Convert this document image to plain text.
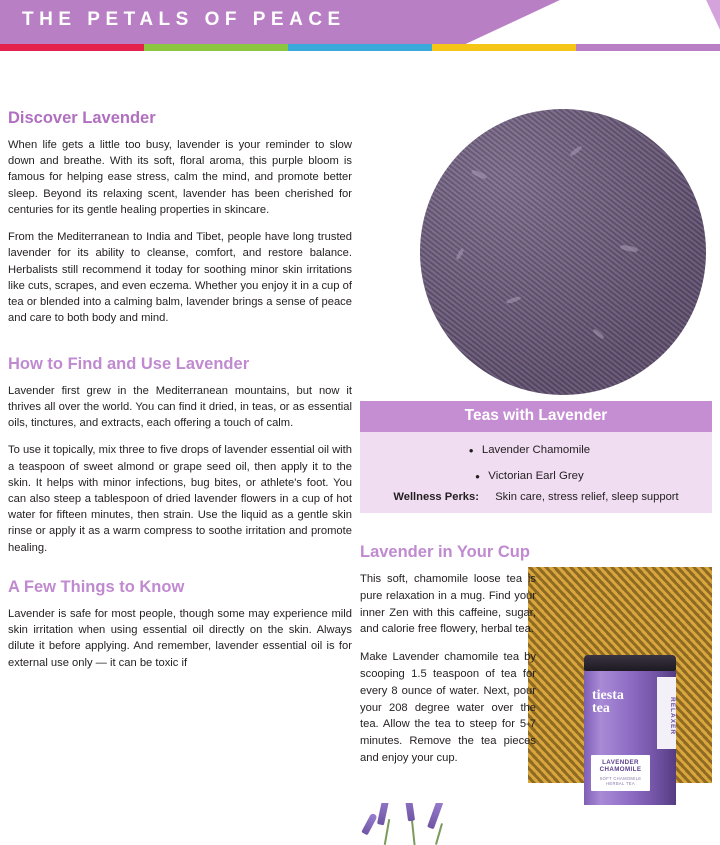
THE PETALS OF PEACE
Discover Lavender

When life gets a little too busy, lavender is your reminder to slow down and breathe. With its soft, floral aroma, this purple bloom is famous for helping ease stress, calm the mind, and promote better sleep. Beyond its relaxing scent, lavender has been cherished for centuries for its gentle healing properties in skincare.

From the Mediterranean to India and Tibet, people have long trusted lavender for its ability to cleanse, comfort, and restore balance. Herbalists still recommend it today for soothing minor skin irritations like cuts, scrapes, and even eczema. Whether you enjoy it in a cup of tea or blended into a calming balm, lavender brings a sense of peace and care to both body and mind.

How to Find and Use Lavender

Lavender first grew in the Mediterranean mountains, but now it thrives all over the world. You can find it dried, in teas, or as essential oils, tinctures, and extracts, each offering a touch of calm.

To use it topically, mix three to five drops of lavender essential oil with a teaspoon of sweet almond or grape seed oil, then apply it to the skin. It helps with minor infections, bug bites, or athlete's foot. You can also steep a tablespoon of dried lavender flowers in a cup of hot water for fifteen minutes, then strain. Use the liquid as a gentle skin rinse or apply it as a warm compress to soothe irritation and promote healing.

A Few Things to Know

Lavender is safe for most people, though some may experience mild skin irritation when using essential oil directly on the skin. Always dilute it before applying. And remember, lavender essential oil is for external use only — it can be toxic if

Teas with Lavender
• Lavender Chamomile
• Victorian Earl Grey
Wellness Perks: Skin care, stress relief, sleep support
Lavender in Your Cup

This soft, chamomile loose tea is pure relaxation in a mug. Find your inner Zen with this caffeine, sugar, and calorie free flowery, herbal tea.

Make Lavender chamomile tea by scooping 1.5 teaspoon of tea for every 8 ounce of water. Next, pour your 208 degree water over the tea. Allow the tea to steep for 5-7 minutes. Remove the tea pieces and enjoy your cup.

tiesta
tea	RELAXER
LAVENDER
CHAMOMILE
SOFT CHAMOMILE HERBAL TEA
